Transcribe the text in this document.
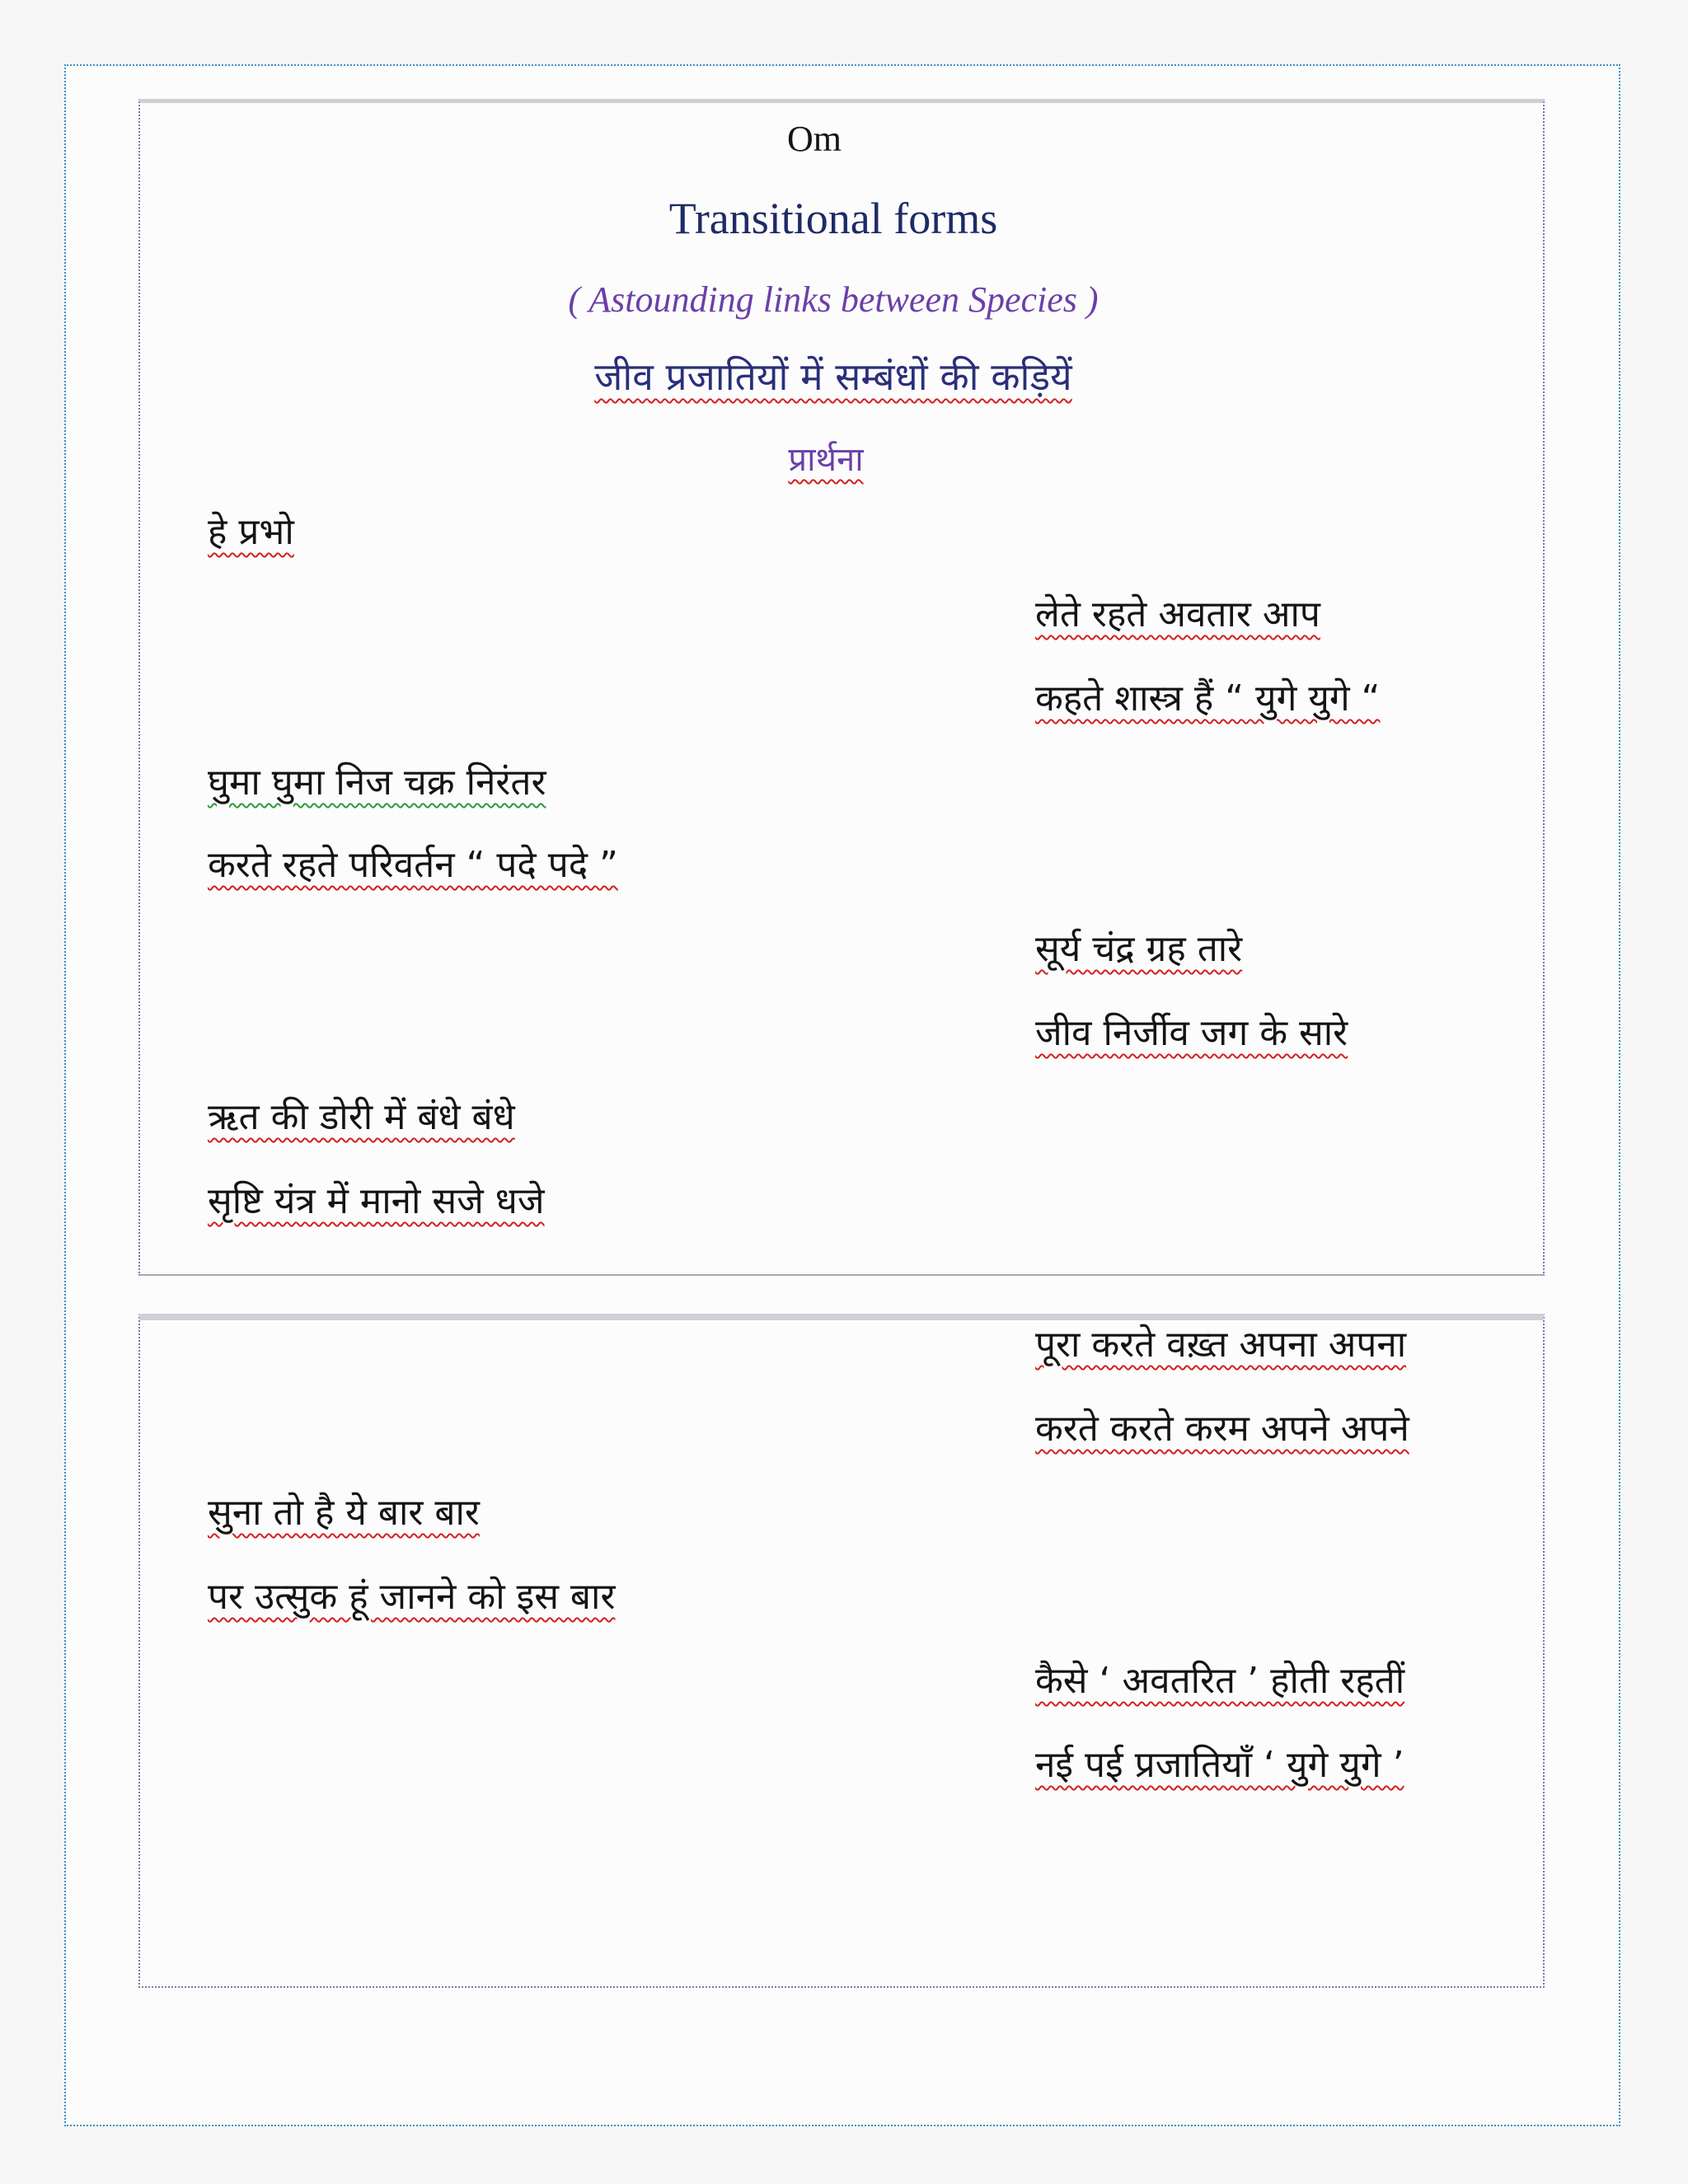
Om
Transitional forms
( Astounding links between Species )
जीव प्रजातियों में सम्बंधों की कड़ियें
प्रार्थना
हे प्रभो
लेते रहते अवतार आप
कहते शास्त्र हैं “ युगे युगे “
घुमा घुमा निज चक्र निरंतर
करते रहते परिवर्तन “ पदे पदे ”
सूर्य चंद्र ग्रह तारे
जीव निर्जीव जग के सारे
ऋत की डोरी में बंधे बंधे
सृष्टि यंत्र में मानो सजे धजे
पूरा करते वख़्त अपना अपना
करते करते करम अपने अपने
सुना तो है ये बार बार
पर उत्सुक हूं जानने को इस बार
कैसे ‘ अवतरित ’ होती रहतीं
नई पई प्रजातियाँ ‘ युगे युगे ’
